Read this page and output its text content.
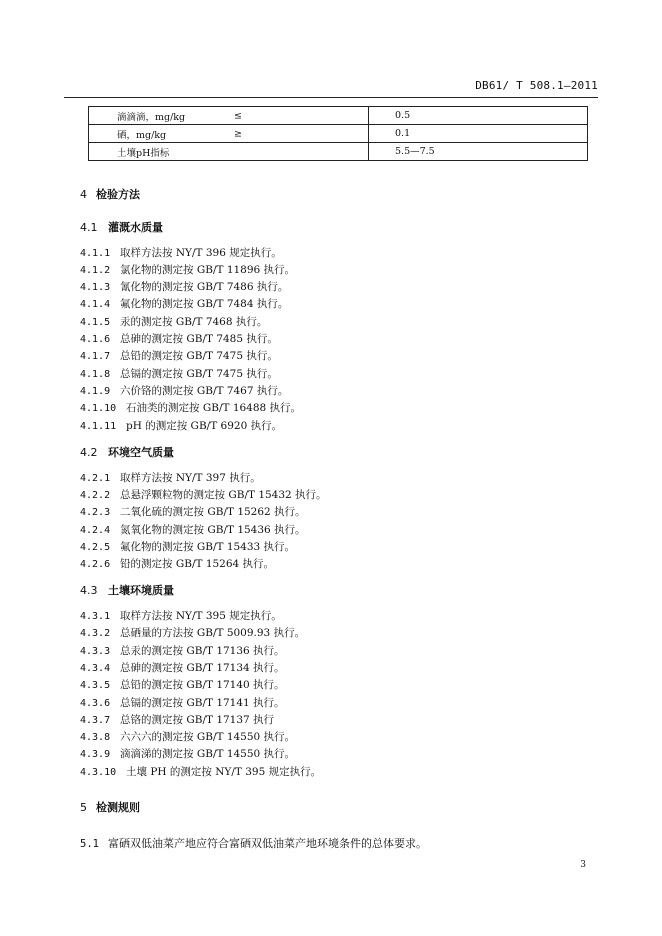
DB61/ T 508.1—2011
滴滴滴，mg/kg ≤	0.5
硒，mg/kg ≥	0.1
土壤pH指标	5.5—7.5
4 检验方法
4.1 灌溉水质量
4.1.1 取样方法按 NY/T 396 规定执行。
4.1.2 氯化物的测定按 GB/T 11896 执行。
4.1.3 氰化物的测定按 GB/T 7486 执行。
4.1.4 氟化物的测定按 GB/T 7484 执行。
4.1.5 汞的测定按 GB/T 7468 执行。
4.1.6 总砷的测定按 GB/T 7485 执行。
4.1.7 总铅的测定按 GB/T 7475 执行。
4.1.8 总镉的测定按 GB/T 7475 执行。
4.1.9 六价铬的测定按 GB/T 7467 执行。
4.1.10 石油类的测定按 GB/T 16488 执行。
4.1.11 pH 的测定按 GB/T 6920 执行。
4.2 环境空气质量
4.2.1 取样方法按 NY/T 397 执行。
4.2.2 总悬浮颗粒物的测定按 GB/T 15432 执行。
4.2.3 二氧化硫的测定按 GB/T 15262 执行。
4.2.4 氮氧化物的测定按 GB/T 15436 执行。
4.2.5 氟化物的测定按 GB/T 15433 执行。
4.2.6 铅的测定按 GB/T 15264 执行。
4.3 土壤环境质量
4.3.1 取样方法按 NY/T 395 规定执行。
4.3.2 总硒量的方法按 GB/T 5009.93 执行。
4.3.3 总汞的测定按 GB/T 17136 执行。
4.3.4 总砷的测定按 GB/T 17134 执行。
4.3.5 总铅的测定按 GB/T 17140 执行。
4.3.6 总镉的测定按 GB/T 17141 执行。
4.3.7 总铬的测定按 GB/T 17137 执行
4.3.8 六六六的测定按 GB/T 14550 执行。
4.3.9 滴滴涕的测定按 GB/T 14550 执行。
4.3.10 土壤 PH 的测定按 NY/T 395 规定执行。
5 检测规则
5.1 富硒双低油菜产地应符合富硒双低油菜产地环境条件的总体要求。
3
